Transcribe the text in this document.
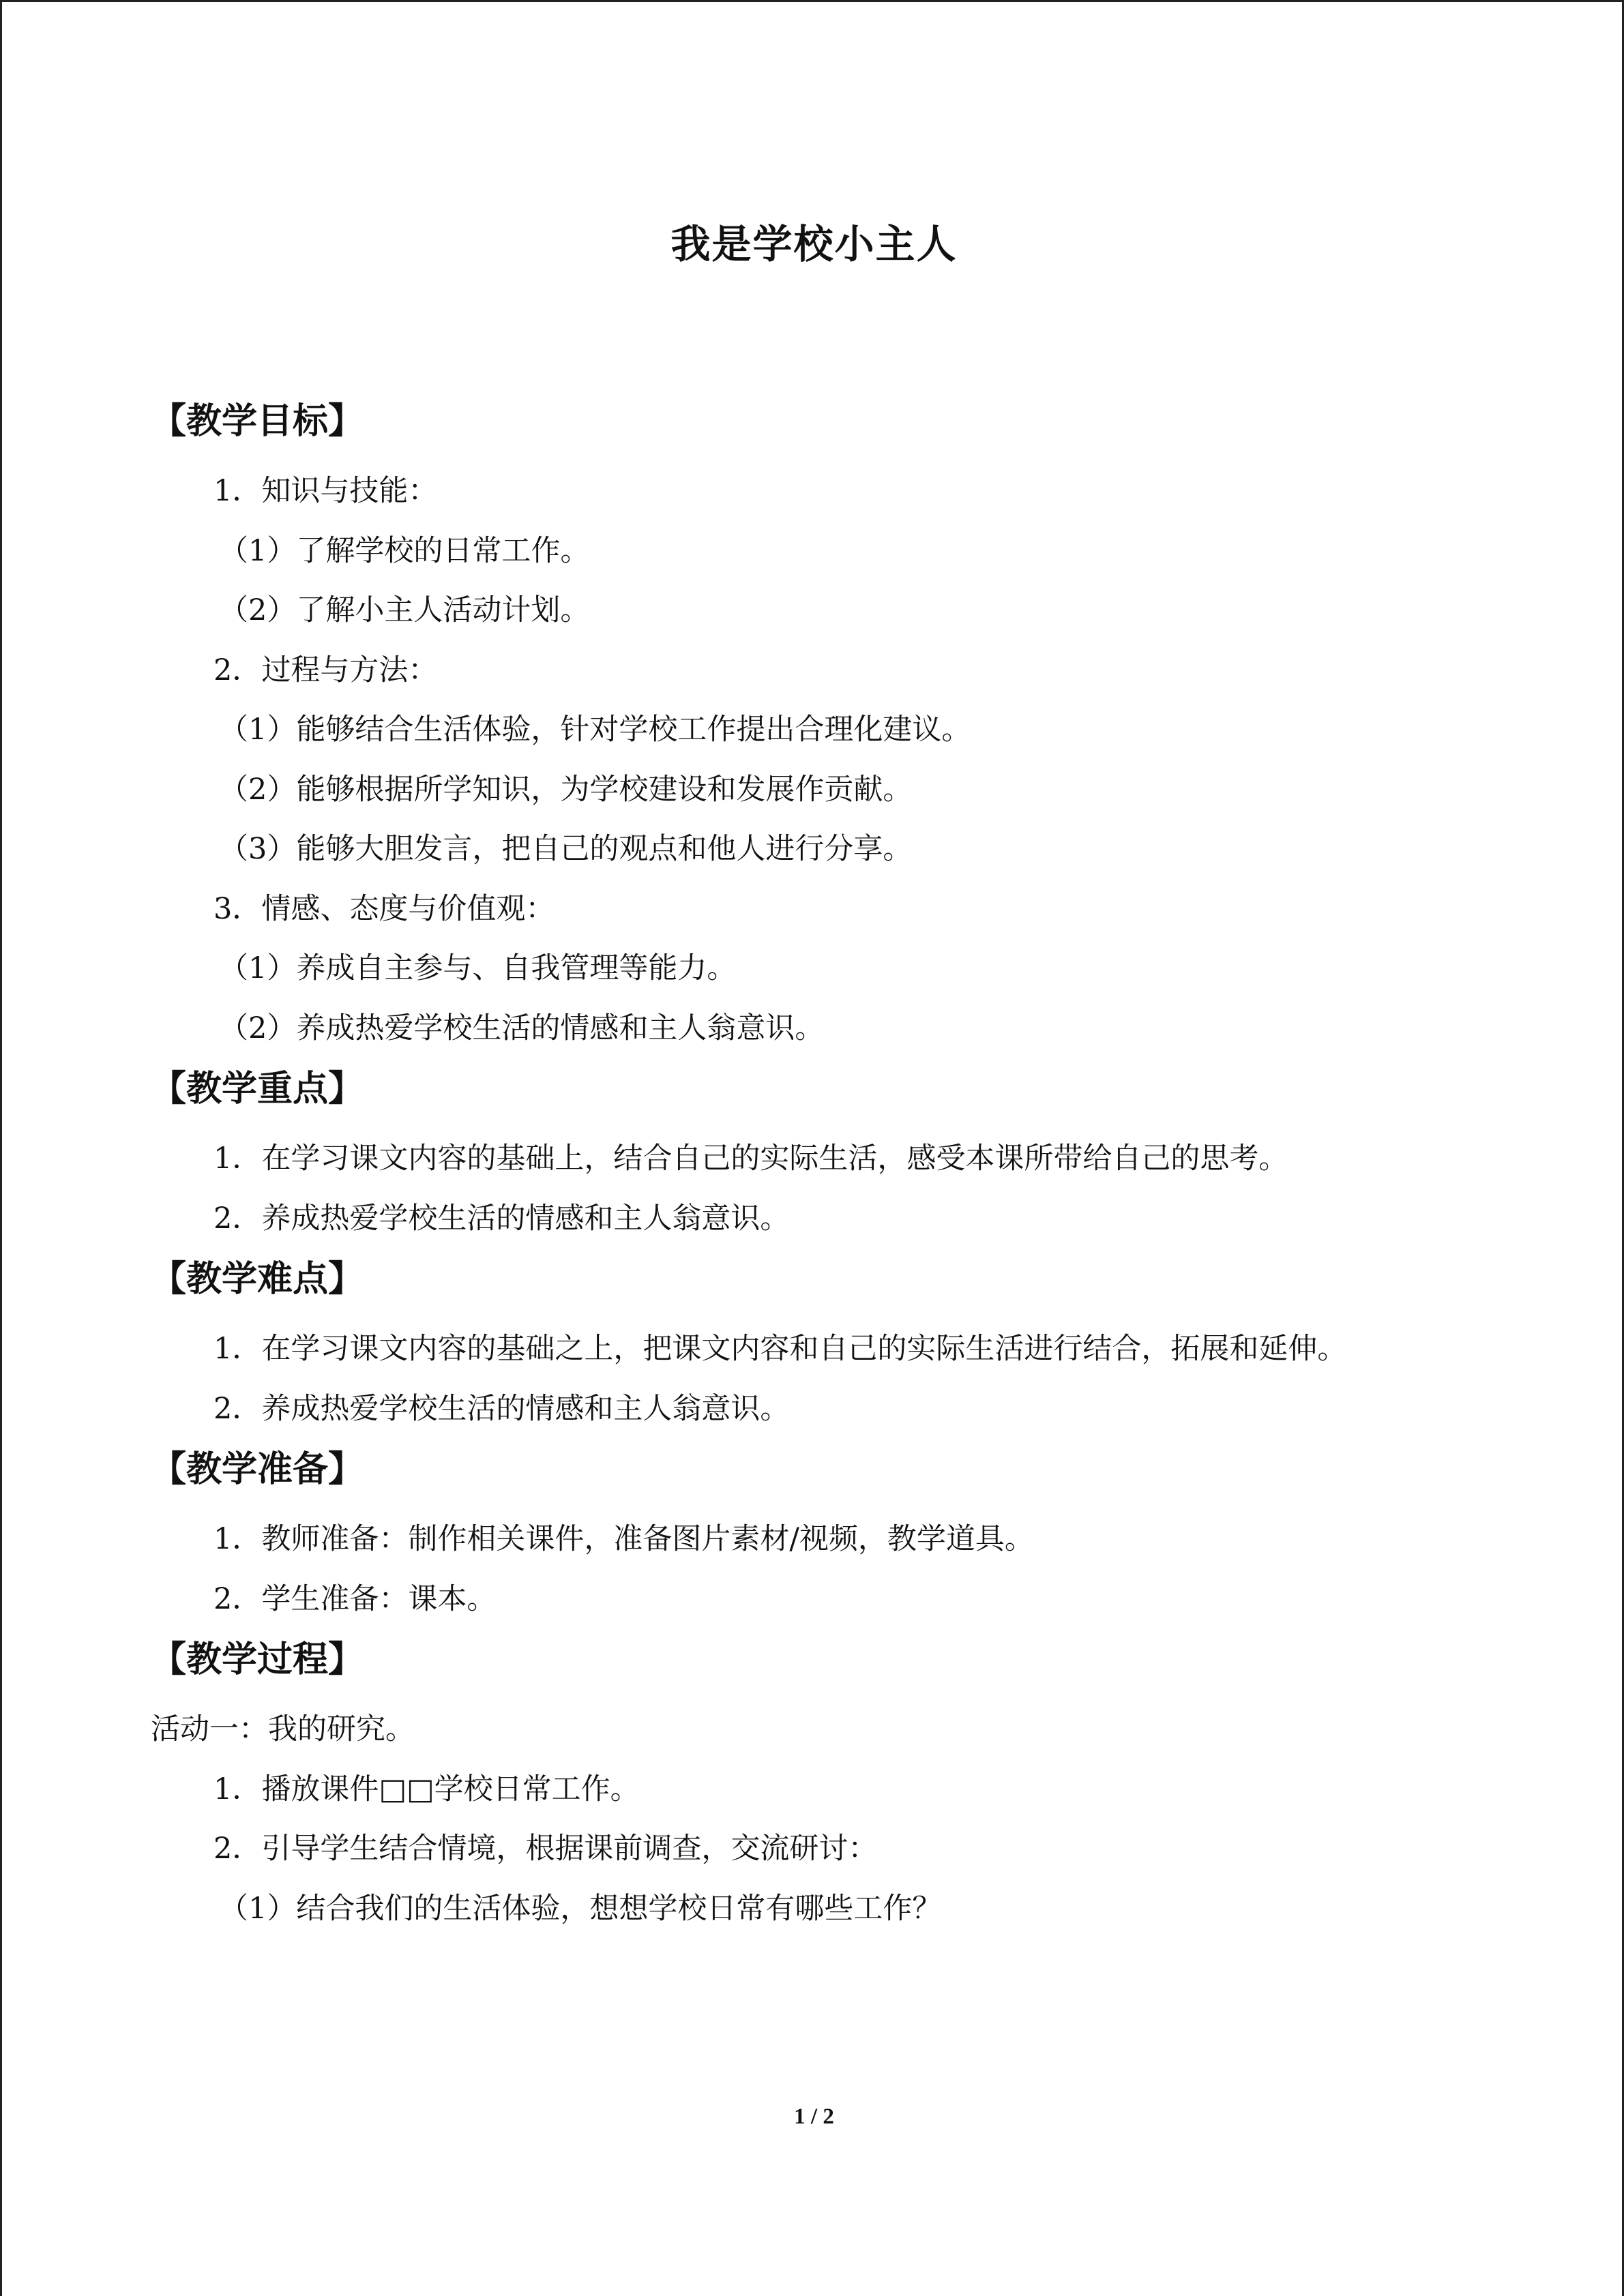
我是学校小主人
【教学目标】
1．知识与技能：
（1）了解学校的日常工作。
（2）了解小主人活动计划。
2．过程与方法：
（1）能够结合生活体验，针对学校工作提出合理化建议。
（2）能够根据所学知识，为学校建设和发展作贡献。
（3）能够大胆发言，把自己的观点和他人进行分享。
3．情感、态度与价值观：
（1）养成自主参与、自我管理等能力。
（2）养成热爱学校生活的情感和主人翁意识。
【教学重点】
1．在学习课文内容的基础上，结合自己的实际生活，感受本课所带给自己的思考。
2．养成热爱学校生活的情感和主人翁意识。
【教学难点】
1．在学习课文内容的基础之上，把课文内容和自己的实际生活进行结合，拓展和延伸。
2．养成热爱学校生活的情感和主人翁意识。
【教学准备】
1．教师准备：制作相关课件，准备图片素材/视频，教学道具。
2．学生准备：课本。
【教学过程】
活动一：我的研究。
1．播放课件□□学校日常工作。
2．引导学生结合情境，根据课前调查，交流研讨：
（1）结合我们的生活体验，想想学校日常有哪些工作？
1 / 2
